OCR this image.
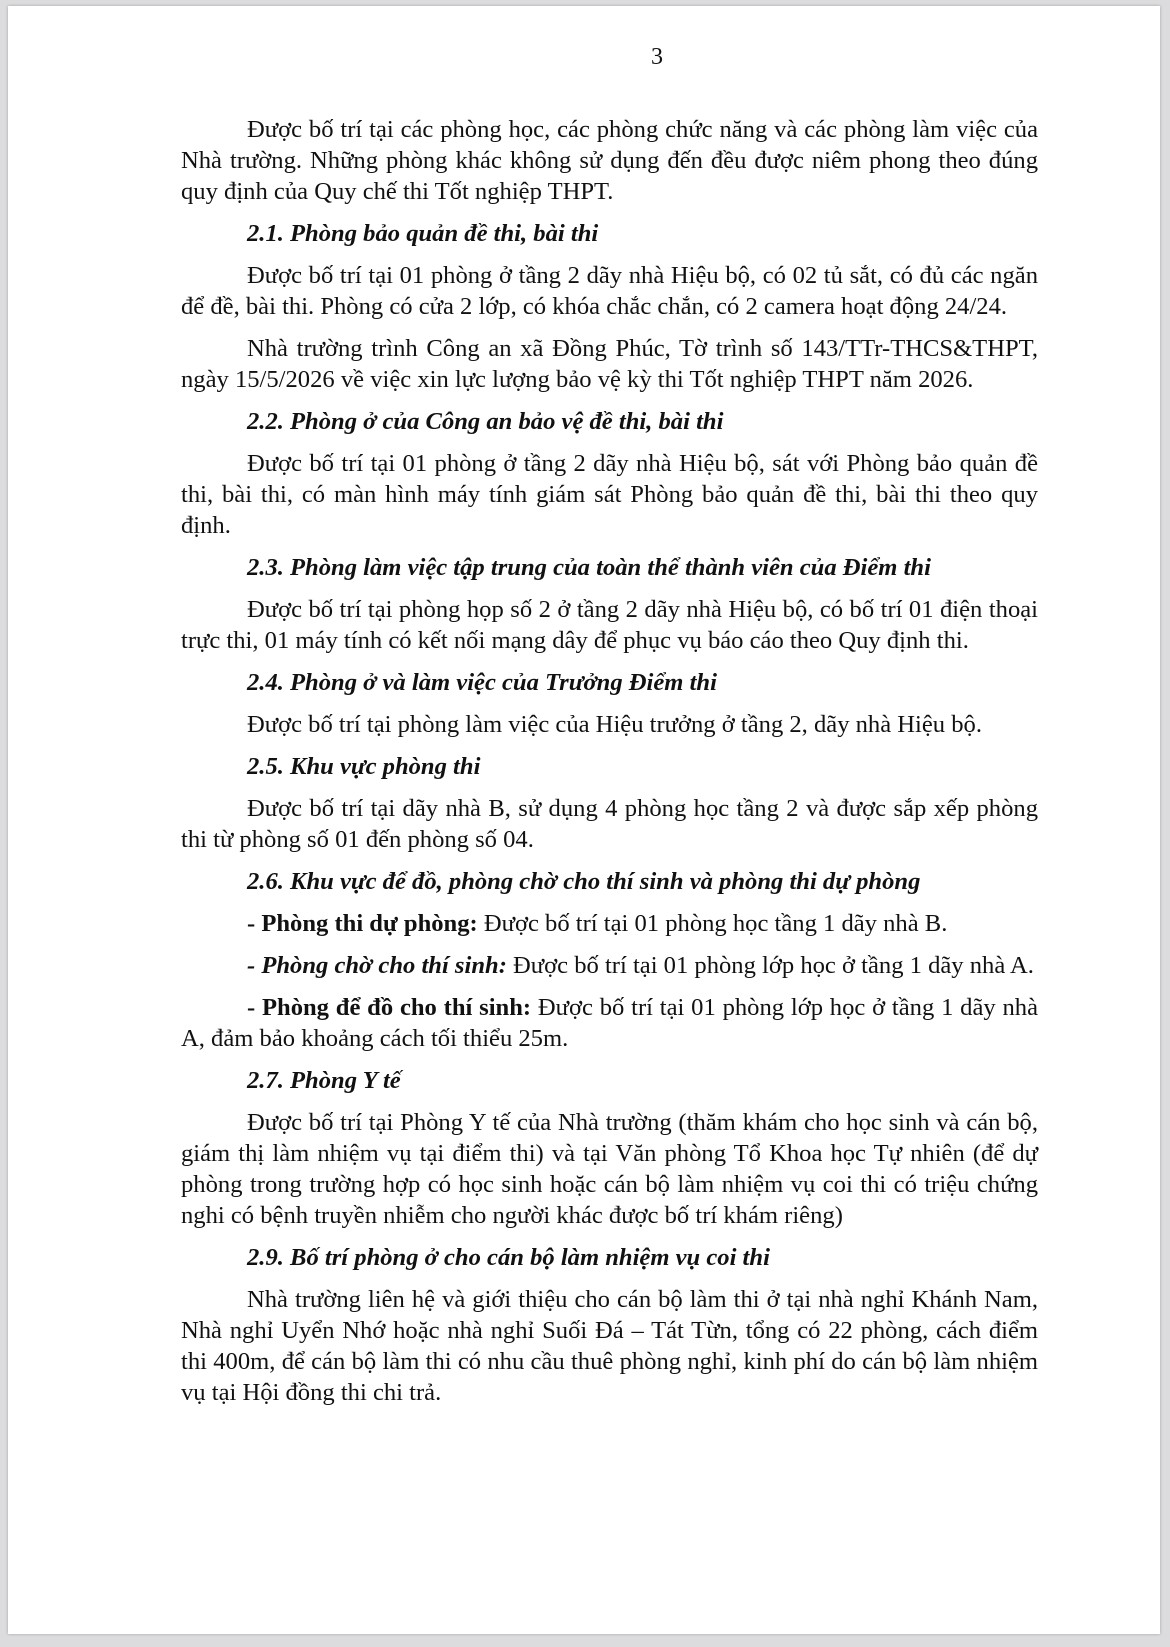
3

Được bố trí tại các phòng học, các phòng chức năng và các phòng làm việc của Nhà trường. Những phòng khác không sử dụng đến đều được niêm phong theo đúng quy định của Quy chế thi Tốt nghiệp THPT.

2.1. Phòng bảo quản đề thi, bài thi

Được bố trí tại 01 phòng ở tầng 2 dãy nhà Hiệu bộ, có 02 tủ sắt, có đủ các ngăn để đề, bài thi. Phòng có cửa 2 lớp, có khóa chắc chắn, có 2 camera hoạt động 24/24.

Nhà trường trình Công an xã Đồng Phúc, Tờ trình số 143/TTr-THCS&THPT, ngày 15/5/2026 về việc xin lực lượng bảo vệ kỳ thi Tốt nghiệp THPT năm 2026.

2.2. Phòng ở của Công an bảo vệ đề thi, bài thi

Được bố trí tại 01 phòng ở tầng 2 dãy nhà Hiệu bộ, sát với Phòng bảo quản đề thi, bài thi, có màn hình máy tính giám sát Phòng bảo quản đề thi, bài thi theo quy định.

2.3. Phòng làm việc tập trung của toàn thể thành viên của Điểm thi

Được bố trí tại phòng họp số 2 ở tầng 2 dãy nhà Hiệu bộ, có bố trí 01 điện thoại trực thi, 01 máy tính có kết nối mạng dây để phục vụ báo cáo theo Quy định thi.

2.4. Phòng ở và làm việc của Trưởng Điểm thi

Được bố trí tại phòng làm việc của Hiệu trưởng ở tầng 2, dãy nhà Hiệu bộ.

2.5. Khu vực phòng thi

Được bố trí tại dãy nhà B, sử dụng 4 phòng học tầng 2 và được sắp xếp phòng thi từ phòng số 01 đến phòng số 04.

2.6. Khu vực để đồ, phòng chờ cho thí sinh và phòng thi dự phòng

- Phòng thi dự phòng: Được bố trí tại 01 phòng học tầng 1 dãy nhà B.

- Phòng chờ cho thí sinh: Được bố trí tại 01 phòng lớp học ở tầng 1 dãy nhà A.

- Phòng để đồ cho thí sinh: Được bố trí tại 01 phòng lớp học ở tầng 1 dãy nhà A, đảm bảo khoảng cách tối thiểu 25m.

2.7. Phòng Y tế

Được bố trí tại Phòng Y tế của Nhà trường (thăm khám cho học sinh và cán bộ, giám thị làm nhiệm vụ tại điểm thi) và tại Văn phòng Tổ Khoa học Tự nhiên (để dự phòng trong trường hợp có học sinh hoặc cán bộ làm nhiệm vụ coi thi có triệu chứng nghi có bệnh truyền nhiễm cho người khác được bố trí khám riêng)

2.9. Bố trí phòng ở cho cán bộ làm nhiệm vụ coi thi

Nhà trường liên hệ và giới thiệu cho cán bộ làm thi ở tại nhà nghỉ Khánh Nam, Nhà nghỉ Uyển Nhớ hoặc nhà nghỉ Suối Đá – Tát Từn, tổng có 22 phòng, cách điểm thi 400m, để cán bộ làm thi có nhu cầu thuê phòng nghỉ, kinh phí do cán bộ làm nhiệm vụ tại Hội đồng thi chi trả.
